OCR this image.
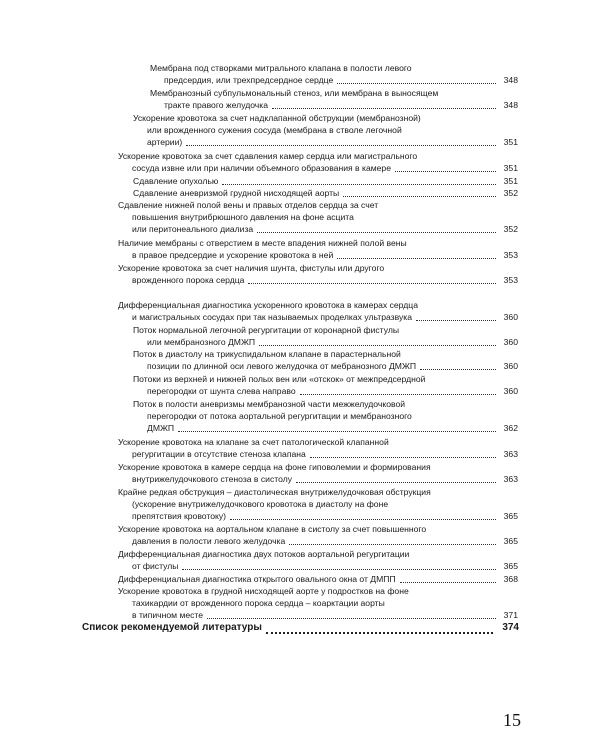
Мембрана под створками митрального клапана в полости левого
предсердия, или трехпредсердное сердце	348
Мембранозный субпульмональный стеноз, или мембрана в выносящем
тракте правого желудочка	348
Ускорение кровотока за счет надклапанной обструкции (мембранозной)
или врожденного сужения сосуда (мембрана в стволе легочной
артерии)	351
Ускорение кровотока за счет сдавления камер сердца или магистрального
сосуда извне или при наличии объемного образования в камере	351
Сдавление опухолью	351
Сдавление аневризмой грудной нисходящей аорты	352
Сдавление нижней полой вены и правых отделов сердца за счет
повышения внутрибрюшного давления на фоне асцита
или перитонеального диализа	352
Наличие мембраны с отверстием в месте впадения нижней полой вены
в правое предсердие и ускорение кровотока в ней	353
Ускорение кровотока за счет наличия шунта, фистулы или другого
врожденного порока сердца	353
Дифференциальная диагностика ускоренного кровотока в камерах сердца
и магистральных сосудах при так называемых проделках ультразвука	360
Поток нормальной легочной регургитации от коронарной фистулы
или мембранозного ДМЖП	360
Поток в диастолу на трикуспидальном клапане в парастернальной
позиции по длинной оси левого желудочка от мебранозного ДМЖП	360
Потоки из верхней и нижней полых вен или «отскок» от межпредсердной
перегородки от шунта слева направо	360
Поток в полости аневризмы мембранозной части межжелудочковой
перегородки от потока аортальной регургитации и мембранозного
ДМЖП	362
Ускорение кровотока на клапане за счет патологической клапанной
регургитации в отсутствие стеноза клапана	363
Ускорение кровотока в камере сердца на фоне гиповолемии и формирования
внутрижелудочкового стеноза в систолу	363
Крайне редкая обструкция – диастолическая внутрижелудочковая обструкция
(ускорение внутрижелудочкового кровотока в диастолу на фоне
препятствия кровотоку)	365
Ускорение кровотока на аортальном клапане в систолу за счет повышенного
давления в полости левого желудочка	365
Дифференциальная диагностика двух потоков аортальной регургитации
от фистулы	365
Дифференциальная диагностика открытого овального окна от ДМПП	368
Ускорение кровотока в грудной нисходящей аорте у подростков на фоне
тахикардии от врожденного порока сердца – коарктации аорты
в типичном месте	371
Список рекомендуемой литературы	374
15
